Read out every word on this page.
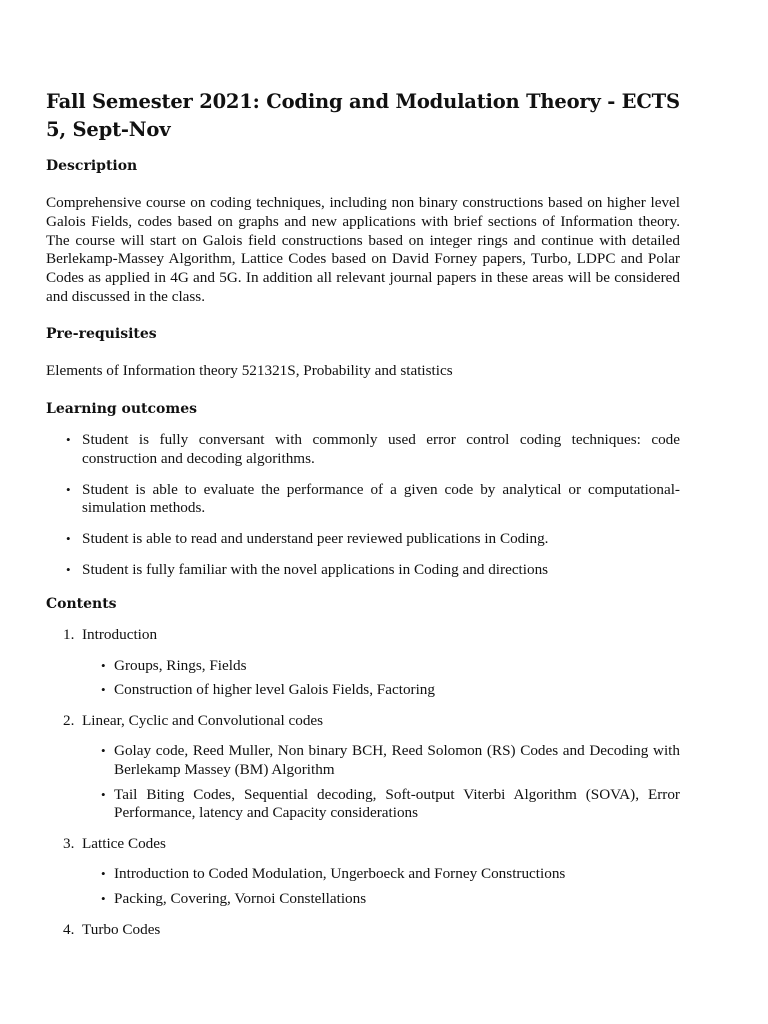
Fall Semester 2021: Coding and Modulation Theory - ECTS 5, Sept-Nov
Description

Comprehensive course on coding techniques, including non binary constructions based on higher level Galois Fields, codes based on graphs and new applications with brief sections of Information theory. The course will start on Galois field constructions based on integer rings and continue with detailed Berlekamp-Massey Algorithm, Lattice Codes based on David Forney papers, Turbo, LDPC and Polar Codes as applied in 4G and 5G. In addition all relevant journal papers in these areas will be considered and discussed in the class.

Pre-requisites

Elements of Information theory 521321S, Probability and statistics

Learning outcomes
• Student is fully conversant with commonly used error control coding techniques: code construction and decoding algorithms.
• Student is able to evaluate the performance of a given code by analytical or computational-simulation methods.
• Student is able to read and understand peer reviewed publications in Coding.
• Student is fully familiar with the novel applications in Coding and directions
Contents
1. Introduction
• Groups, Rings, Fields
• Construction of higher level Galois Fields, Factoring
2. Linear, Cyclic and Convolutional codes
• Golay code, Reed Muller, Non binary BCH, Reed Solomon (RS) Codes and Decoding with Berlekamp Massey (BM) Algorithm
• Tail Biting Codes, Sequential decoding, Soft-output Viterbi Algorithm (SOVA), Error Performance, latency and Capacity considerations
3. Lattice Codes
• Introduction to Coded Modulation, Ungerboeck and Forney Constructions
• Packing, Covering, Vornoi Constellations
4. Turbo Codes
